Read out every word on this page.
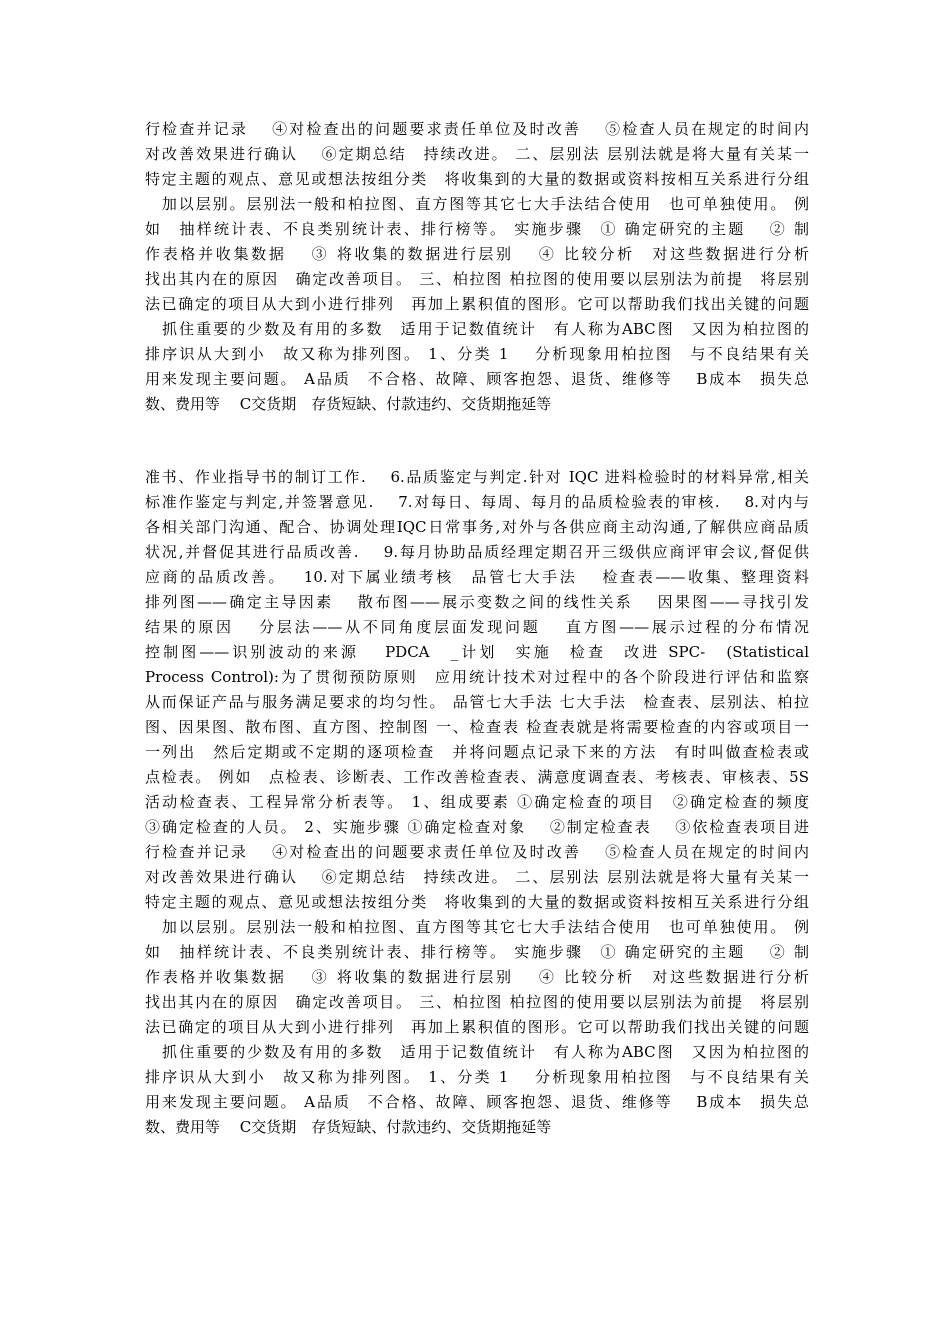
行检查并记录　 ④对检查出的问题要求责任单位及时改善　 ⑤检查人员在规定的时间内
对改善效果进行确认　 ⑥定期总结　持续改进。 二、层别法 层别法就是将大量有关某一
特定主题的观点、意见或想法按组分类　将收集到的大量的数据或资料按相互关系进行分组
　加以层别。层别法一般和柏拉图、直方图等其它七大手法结合使用　也可单独使用。 例
如　抽样统计表、不良类别统计表、排行榜等。 实施步骤　① 确定研究的主题　 ② 制
作表格并收集数据　 ③ 将收集的数据进行层别　 ④ 比较分析　对这些数据进行分析
找出其内在的原因　确定改善项目。 三、柏拉图 柏拉图的使用要以层别法为前提　将层别
法已确定的项目从大到小进行排列　再加上累积值的图形。它可以帮助我们找出关键的问题
　抓住重要的少数及有用的多数　适用于记数值统计　有人称为ABC图　又因为柏拉图的
排序识从大到小　故又称为排列图。 1、分类 1　 分析现象用柏拉图　与不良结果有关
用来发现主要问题。 A品质　不合格、故障、顾客抱怨、退货、维修等　 B成本　损失总
数、费用等　 C交货期　存货短缺、付款违约、交货期拖延等
准书、作业指导书的制订工作.　 6.品质鉴定与判定.针对 IQC 进料检验时的材料异常,相关
标准作鉴定与判定,并签署意见.　 7.对每日、每周、每月的品质检验表的审核.　 8.对内与
各相关部门沟通、配合、协调处理IQC日常事务,对外与各供应商主动沟通,了解供应商品质
状况,并督促其进行品质改善.　 9.每月协助品质经理定期召开三级供应商评审会议,督促供
应商的品质改善。　 10.对下属业绩考核　品管七大手法　 检查表——收集、整理资料
排列图——确定主导因素　 散布图——展示变数之间的线性关系　 因果图——寻找引发
结果的原因　 分层法——从不同角度层面发现问题　 直方图——展示过程的分布情况
控制图——识别波动的来源　 PDCA　_计划　实施　检查　改进 SPC-　(Statistical
Process Control):为了贯彻预防原则　应用统计技术对过程中的各个阶段进行评估和监察
从而保证产品与服务满足要求的均匀性。 品管七大手法 七大手法　检查表、层别法、柏拉
图、因果图、散布图、直方图、控制图 一、检查表 检查表就是将需要检查的内容或项目一
一列出　然后定期或不定期的逐项检查　并将问题点记录下来的方法　有时叫做查检表或
点检表。 例如　点检表、诊断表、工作改善检查表、满意度调查表、考核表、审核表、5S
活动检查表、工程异常分析表等。 1、组成要素 ①确定检查的项目　②确定检查的频度
③确定检查的人员。 2、实施步骤 ①确定检查对象　 ②制定检查表　 ③依检查表项目进
行检查并记录　 ④对检查出的问题要求责任单位及时改善　 ⑤检查人员在规定的时间内
对改善效果进行确认　 ⑥定期总结　持续改进。 二、层别法 层别法就是将大量有关某一
特定主题的观点、意见或想法按组分类　将收集到的大量的数据或资料按相互关系进行分组
　加以层别。层别法一般和柏拉图、直方图等其它七大手法结合使用　也可单独使用。 例
如　抽样统计表、不良类别统计表、排行榜等。 实施步骤　① 确定研究的主题　 ② 制
作表格并收集数据　 ③ 将收集的数据进行层别　 ④ 比较分析　对这些数据进行分析
找出其内在的原因　确定改善项目。 三、柏拉图 柏拉图的使用要以层别法为前提　将层别
法已确定的项目从大到小进行排列　再加上累积值的图形。它可以帮助我们找出关键的问题
　抓住重要的少数及有用的多数　适用于记数值统计　有人称为ABC图　又因为柏拉图的
排序识从大到小　故又称为排列图。 1、分类 1　 分析现象用柏拉图　与不良结果有关
用来发现主要问题。 A品质　不合格、故障、顾客抱怨、退货、维修等　 B成本　损失总
数、费用等　 C交货期　存货短缺、付款违约、交货期拖延等
